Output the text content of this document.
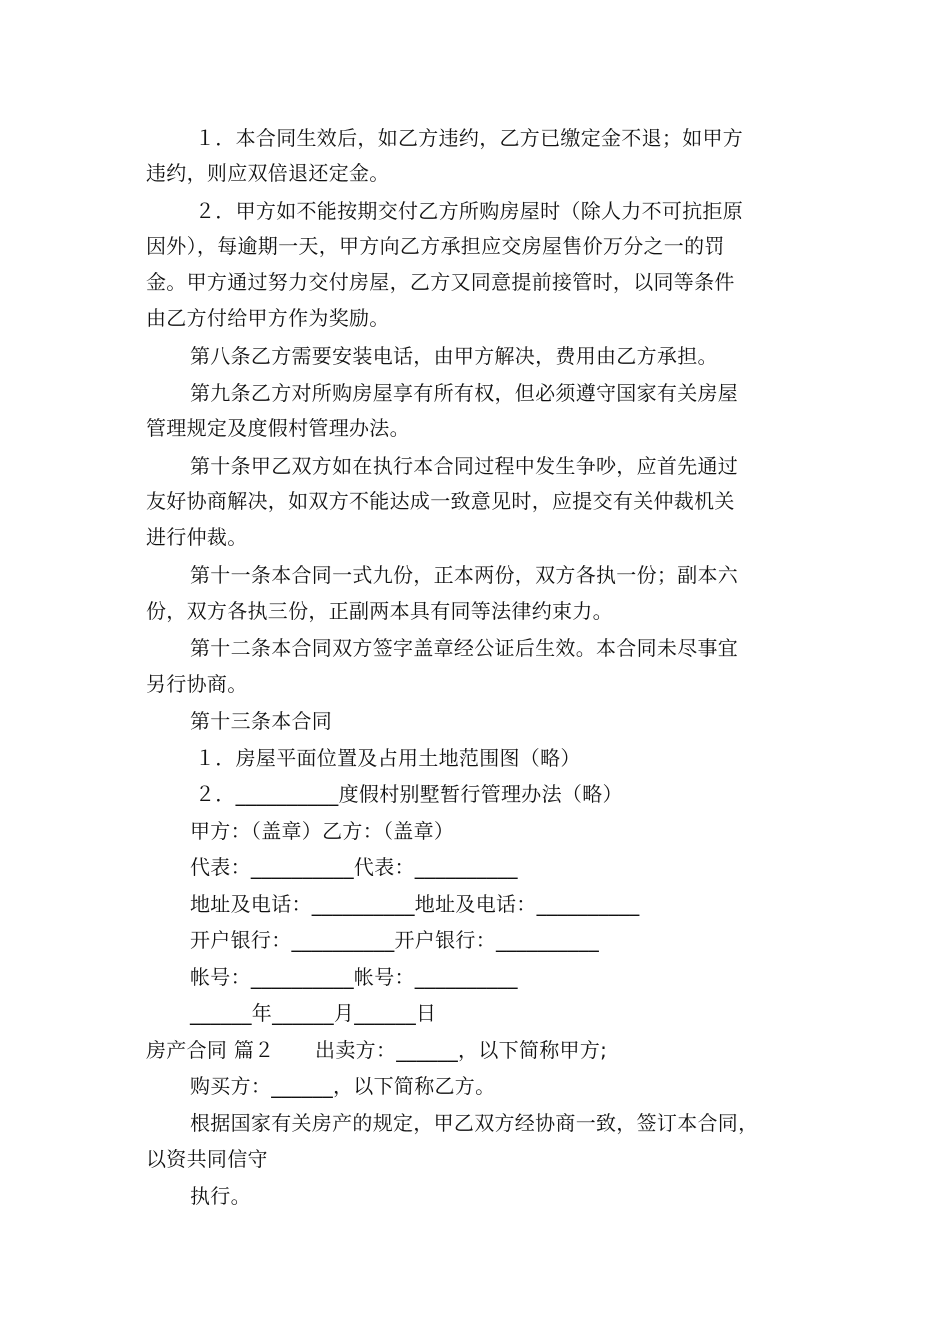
１．本合同生效后，如乙方违约，乙方已缴定金不退；如甲方
违约，则应双倍退还定金。
２．甲方如不能按期交付乙方所购房屋时（除人力不可抗拒原
因外），每逾期一天，甲方向乙方承担应交房屋售价万分之一的罚
金。甲方通过努力交付房屋，乙方又同意提前接管时，以同等条件
由乙方付给甲方作为奖励。
第八条乙方需要安装电话，由甲方解决，费用由乙方承担。
第九条乙方对所购房屋享有所有权，但必须遵守国家有关房屋
管理规定及度假村管理办法。
第十条甲乙双方如在执行本合同过程中发生争吵，应首先通过
友好协商解决，如双方不能达成一致意见时，应提交有关仲裁机关
进行仲裁。
第十一条本合同一式九份，正本两份，双方各执一份；副本六
份，双方各执三份，正副两本具有同等法律约束力。
第十二条本合同双方签字盖章经公证后生效。本合同未尽事宜
另行协商。
第十三条本合同
１．房屋平面位置及占用土地范围图（略）
２．__________度假村别墅暂行管理办法（略）
甲方：（盖章）乙方：（盖章）
代表：__________代表：__________
地址及电话：__________地址及电话：__________
开户银行：__________开户银行：__________
帐号：__________帐号：__________
______年______月______日
房产合同 篇２　　出卖方：______，以下简称甲方;
购买方：______，以下简称乙方。
根据国家有关房产的规定，甲乙双方经协商一致，签订本合同，
以资共同信守
执行。
